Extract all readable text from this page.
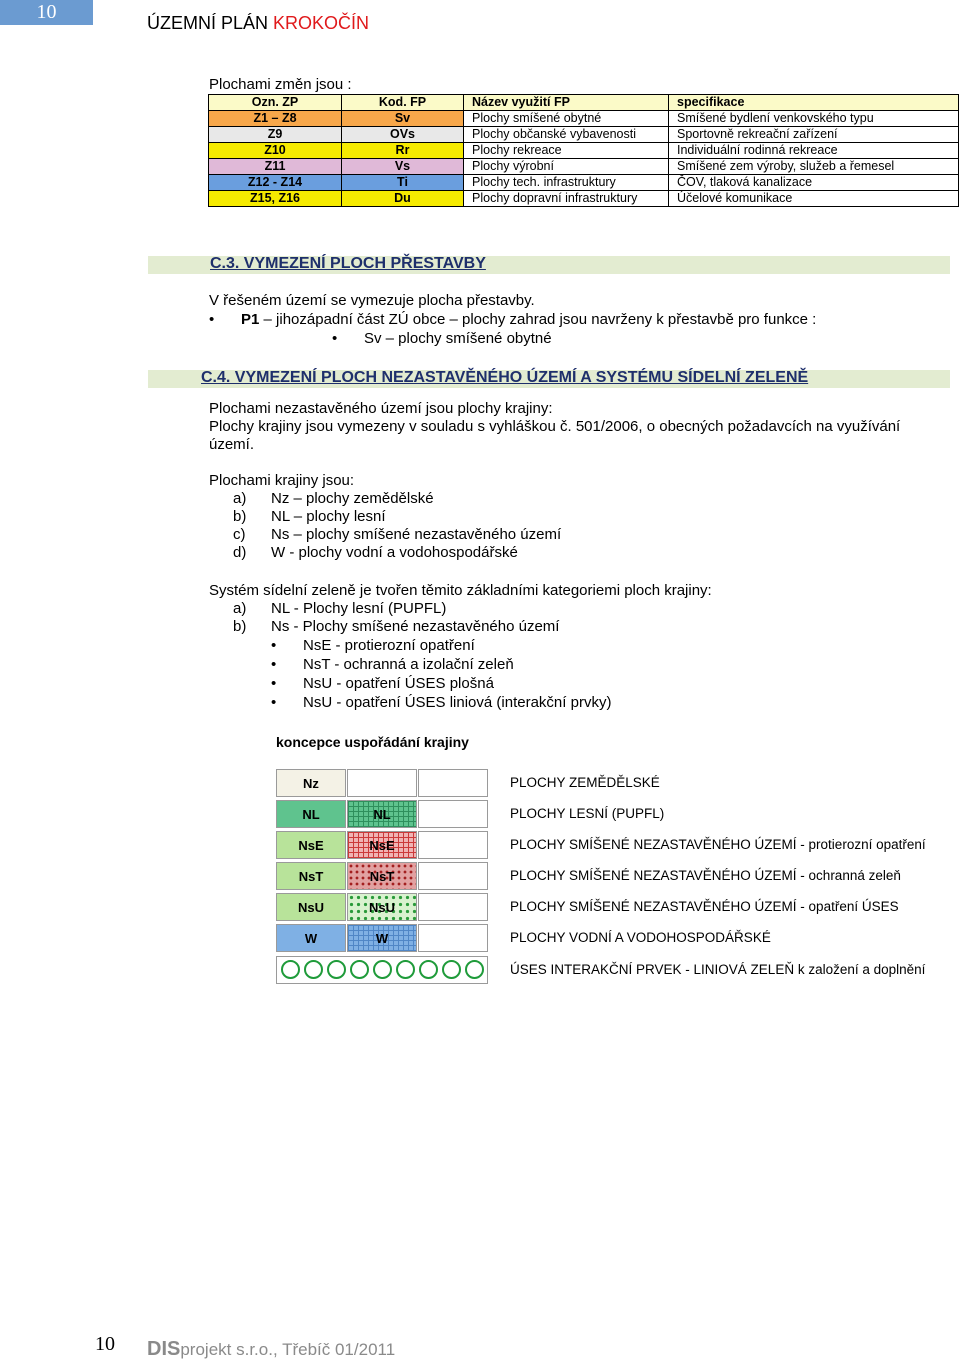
10	ÚZEMNÍ PLÁN KROKOČÍN
Plochami změn jsou :
Ozn. ZP	Kod. FP	Název využití FP	specifikace
Z1 – Z8	Sv	Plochy smíšené obytné	Smíšené bydlení venkovského typu
Z9	OVs	Plochy občanské vybavenosti	Sportovně rekreační zařízení
Z10	Rr	Plochy rekreace	Individuální rodinná rekreace
Z11	Vs	Plochy výrobní	Smíšené zem výroby, služeb a řemesel
Z12 - Z14	Ti	Plochy tech. infrastruktury	ČOV, tlaková kanalizace
Z15, Z16	Du	Plochy dopravní infrastruktury	Účelové komunikace
C.3. VYMEZENÍ PLOCH PŘESTAVBY
V řešeném území se vymezuje plocha přestavby.
• P1 – jihozápadní část ZÚ obce – plochy zahrad jsou navrženy k přestavbě pro funkce :
• Sv – plochy smíšené obytné
C.4. VYMEZENÍ PLOCH NEZASTAVĚNÉHO ÚZEMÍ A SYSTÉMU SÍDELNÍ ZELENĚ
Plochami nezastavěného území jsou plochy krajiny:
Plochy krajiny jsou vymezeny v souladu s vyhláškou č. 501/2006, o obecných požadavcích na využívání
území.
Plochami krajiny jsou:
a) Nz – plochy zemědělské
b) NL – plochy lesní
c) Ns – plochy smíšené nezastavěného území
d) W - plochy vodní a vodohospodářské
Systém sídelní zeleně je tvořen těmito základními kategoriemi ploch krajiny:
a) NL - Plochy lesní (PUPFL)
b) Ns - Plochy smíšené nezastavěného území
• NsE - protierozní opatření
• NsT - ochranná a izolační zeleň
• NsU - opatření ÚSES plošná
• NsU - opatření ÚSES liniová (interakční prvky)
koncepce uspořádání krajiny
Nz	PLOCHY ZEMĚDĚLSKÉ
NL	NL	PLOCHY LESNÍ (PUPFL)
NsE	NsE	PLOCHY SMÍŠENÉ NEZASTAVĚNÉHO ÚZEMÍ - protierozní opatření
NsT	NsT	PLOCHY SMÍŠENÉ NEZASTAVĚNÉHO ÚZEMÍ - ochranná zeleň
NsU	NsU	PLOCHY SMÍŠENÉ NEZASTAVĚNÉHO ÚZEMÍ - opatření ÚSES
W	W	PLOCHY VODNÍ A VODOHOSPODÁŘSKÉ
ÚSES INTERAKČNÍ PRVEK - LINIOVÁ ZELEŇ k založení a doplnění
10 DISprojekt s.r.o., Třebíč 01/2011
